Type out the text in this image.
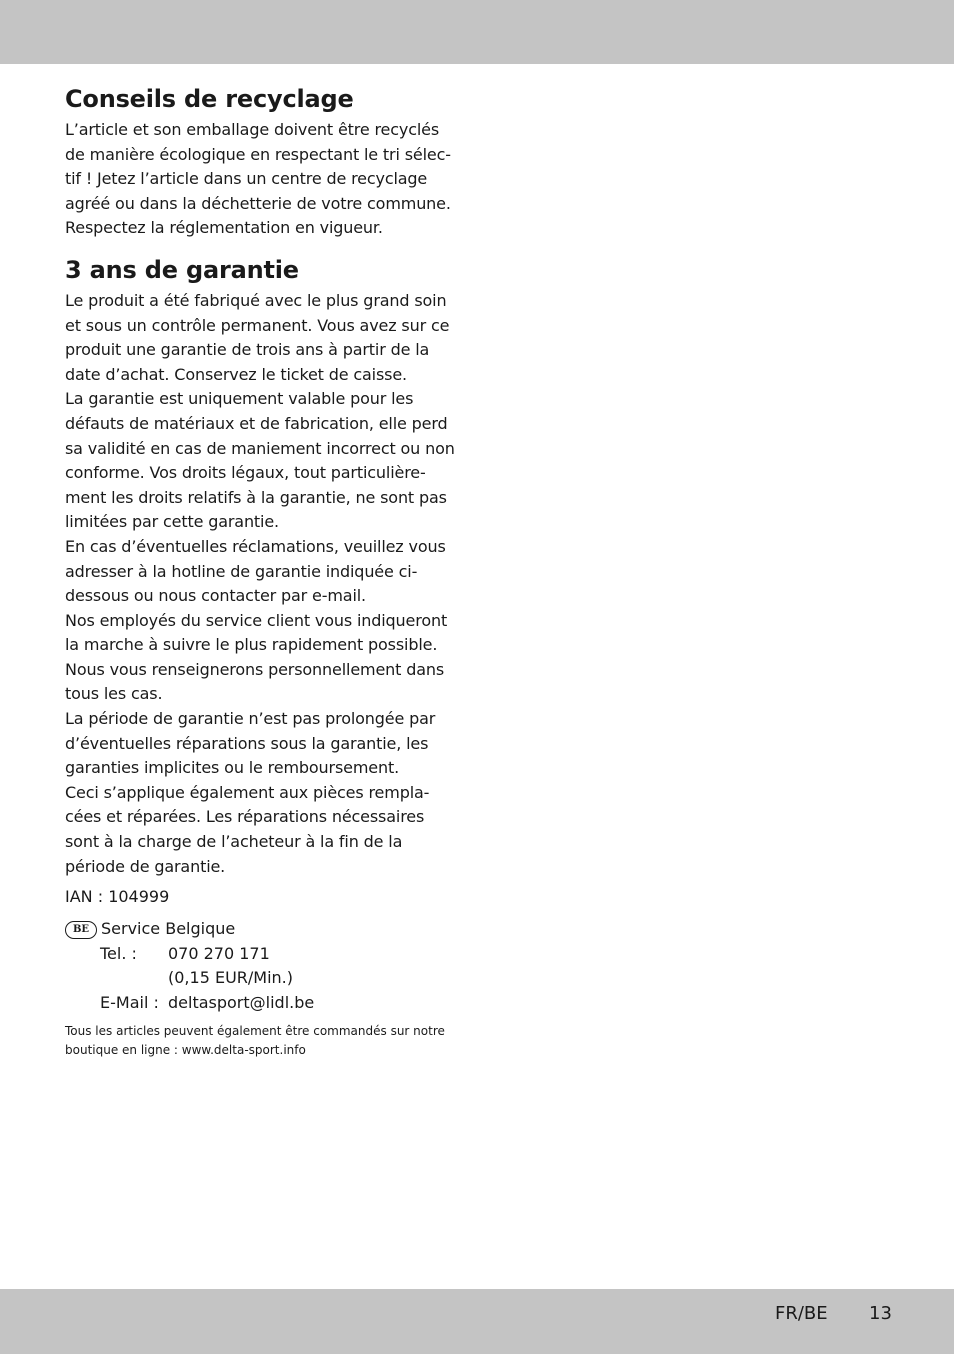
Conseils de recyclage

L’article et son emballage doivent être recyclés
de manière écologique en respectant le tri sélec-
tif ! Jetez l’article dans un centre de recyclage
agréé ou dans la déchetterie de votre commune.
Respectez la réglementation en vigueur.

3 ans de garantie

Le produit a été fabriqué avec le plus grand soin
et sous un contrôle permanent. Vous avez sur ce
produit une garantie de trois ans à partir de la
date d’achat. Conservez le ticket de caisse.
La garantie est uniquement valable pour les
défauts de matériaux et de fabrication, elle perd
sa validité en cas de maniement incorrect ou non
conforme. Vos droits légaux, tout particulière-
ment les droits relatifs à la garantie, ne sont pas
limitées par cette garantie.
En cas d’éventuelles réclamations, veuillez vous
adresser à la hotline de garantie indiquée ci-
dessous ou nous contacter par e-mail.
Nos employés du service client vous indiqueront
la marche à suivre le plus rapidement possible.
Nous vous renseignerons personnellement dans
tous les cas.
La période de garantie n’est pas prolongée par
d’éventuelles réparations sous la garantie, les
garanties implicites ou le remboursement.
Ceci s’applique également aux pièces rempla-
cées et réparées. Les réparations nécessaires
sont à la charge de l’acheteur à la fin de la
période de garantie.

IAN : 104999
BE Service Belgique
Tel. :	070 270 171
(0,15 EUR/Min.)
E-Mail : deltasport@lidl.be
Tous les articles peuvent également être commandés sur notre
boutique en ligne : www.delta-sport.info
FR/BE 13
